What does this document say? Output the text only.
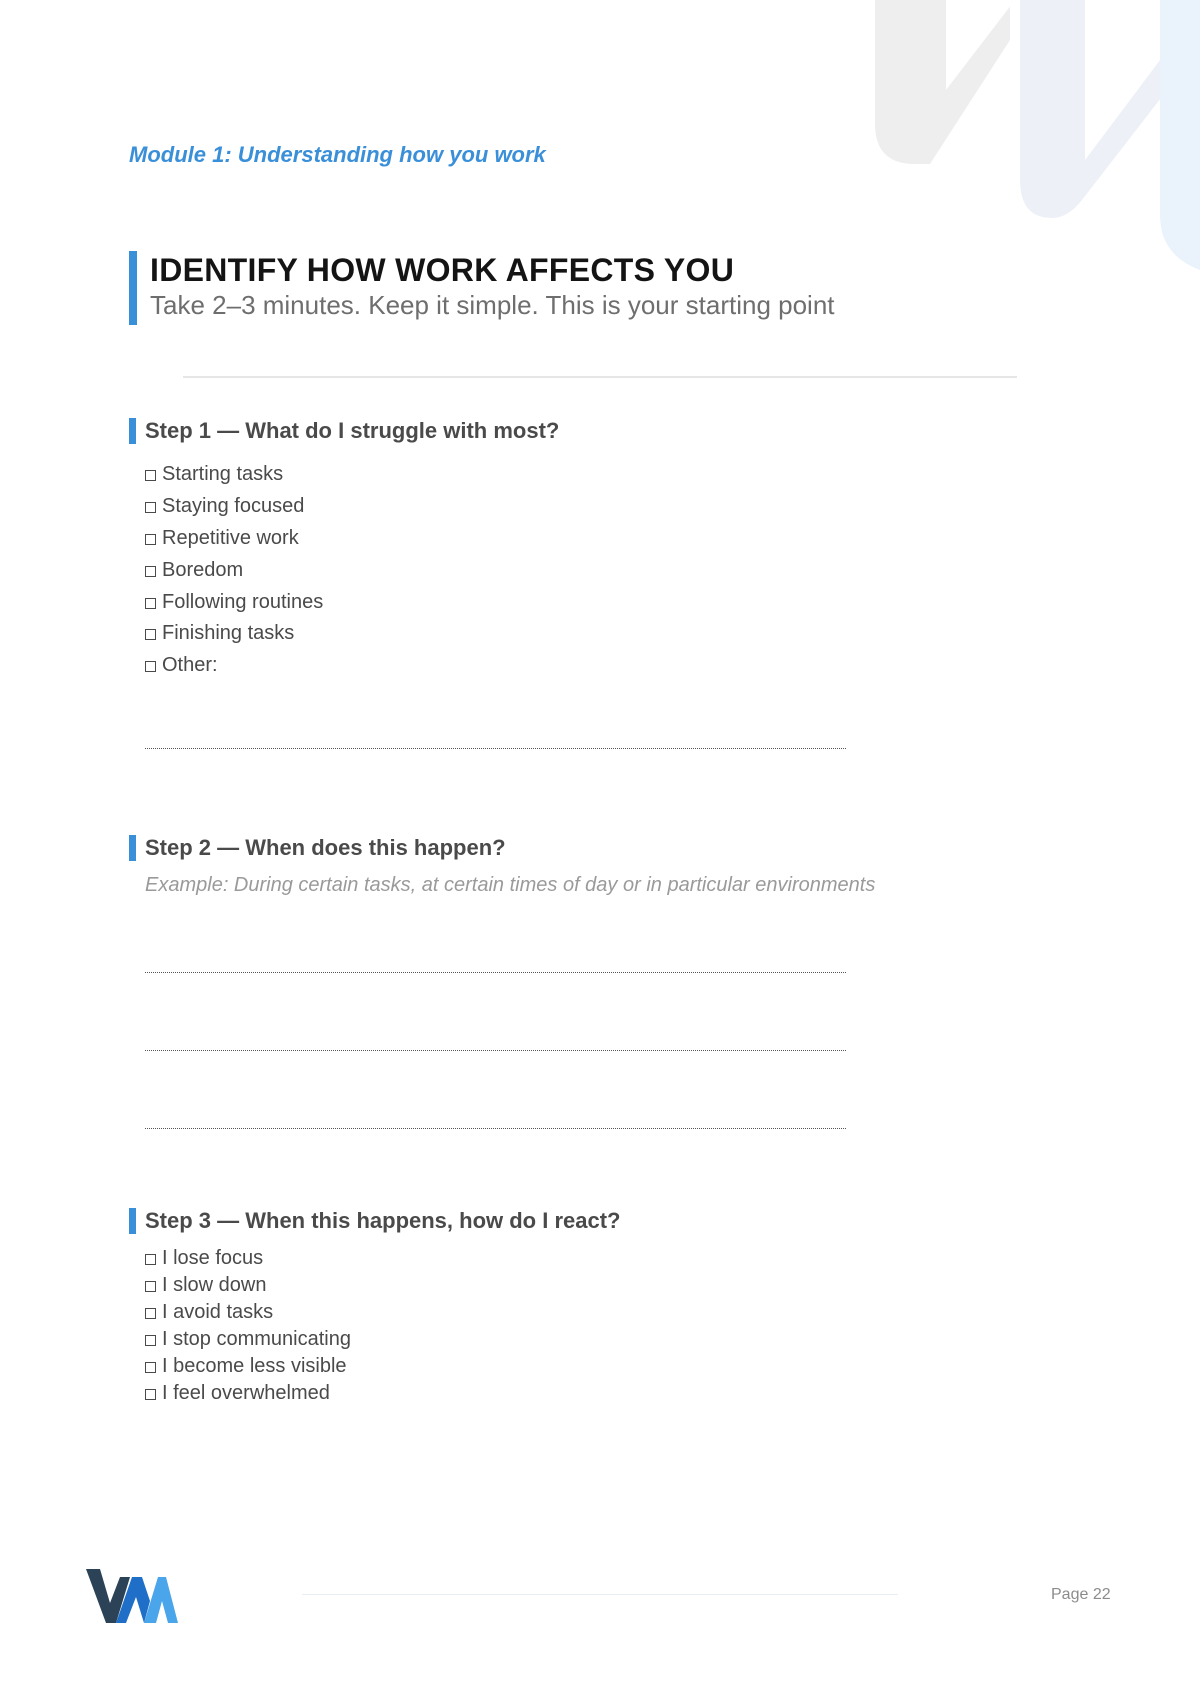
Module 1: Understanding how you work
IDENTIFY HOW WORK AFFECTS YOU
Take 2–3 minutes. Keep it simple. This is your starting point
Step 1 — What do I struggle with most?
Starting tasks
Staying focused
Repetitive work
Boredom
Following routines
Finishing tasks
Other:
Step 2 — When does this happen?
Example: During certain tasks, at certain times of day or in particular environments
Step 3 — When this happens, how do I react?
I lose focus
I slow down
I avoid tasks
I stop communicating
I become less visible
I feel overwhelmed
Page 22
